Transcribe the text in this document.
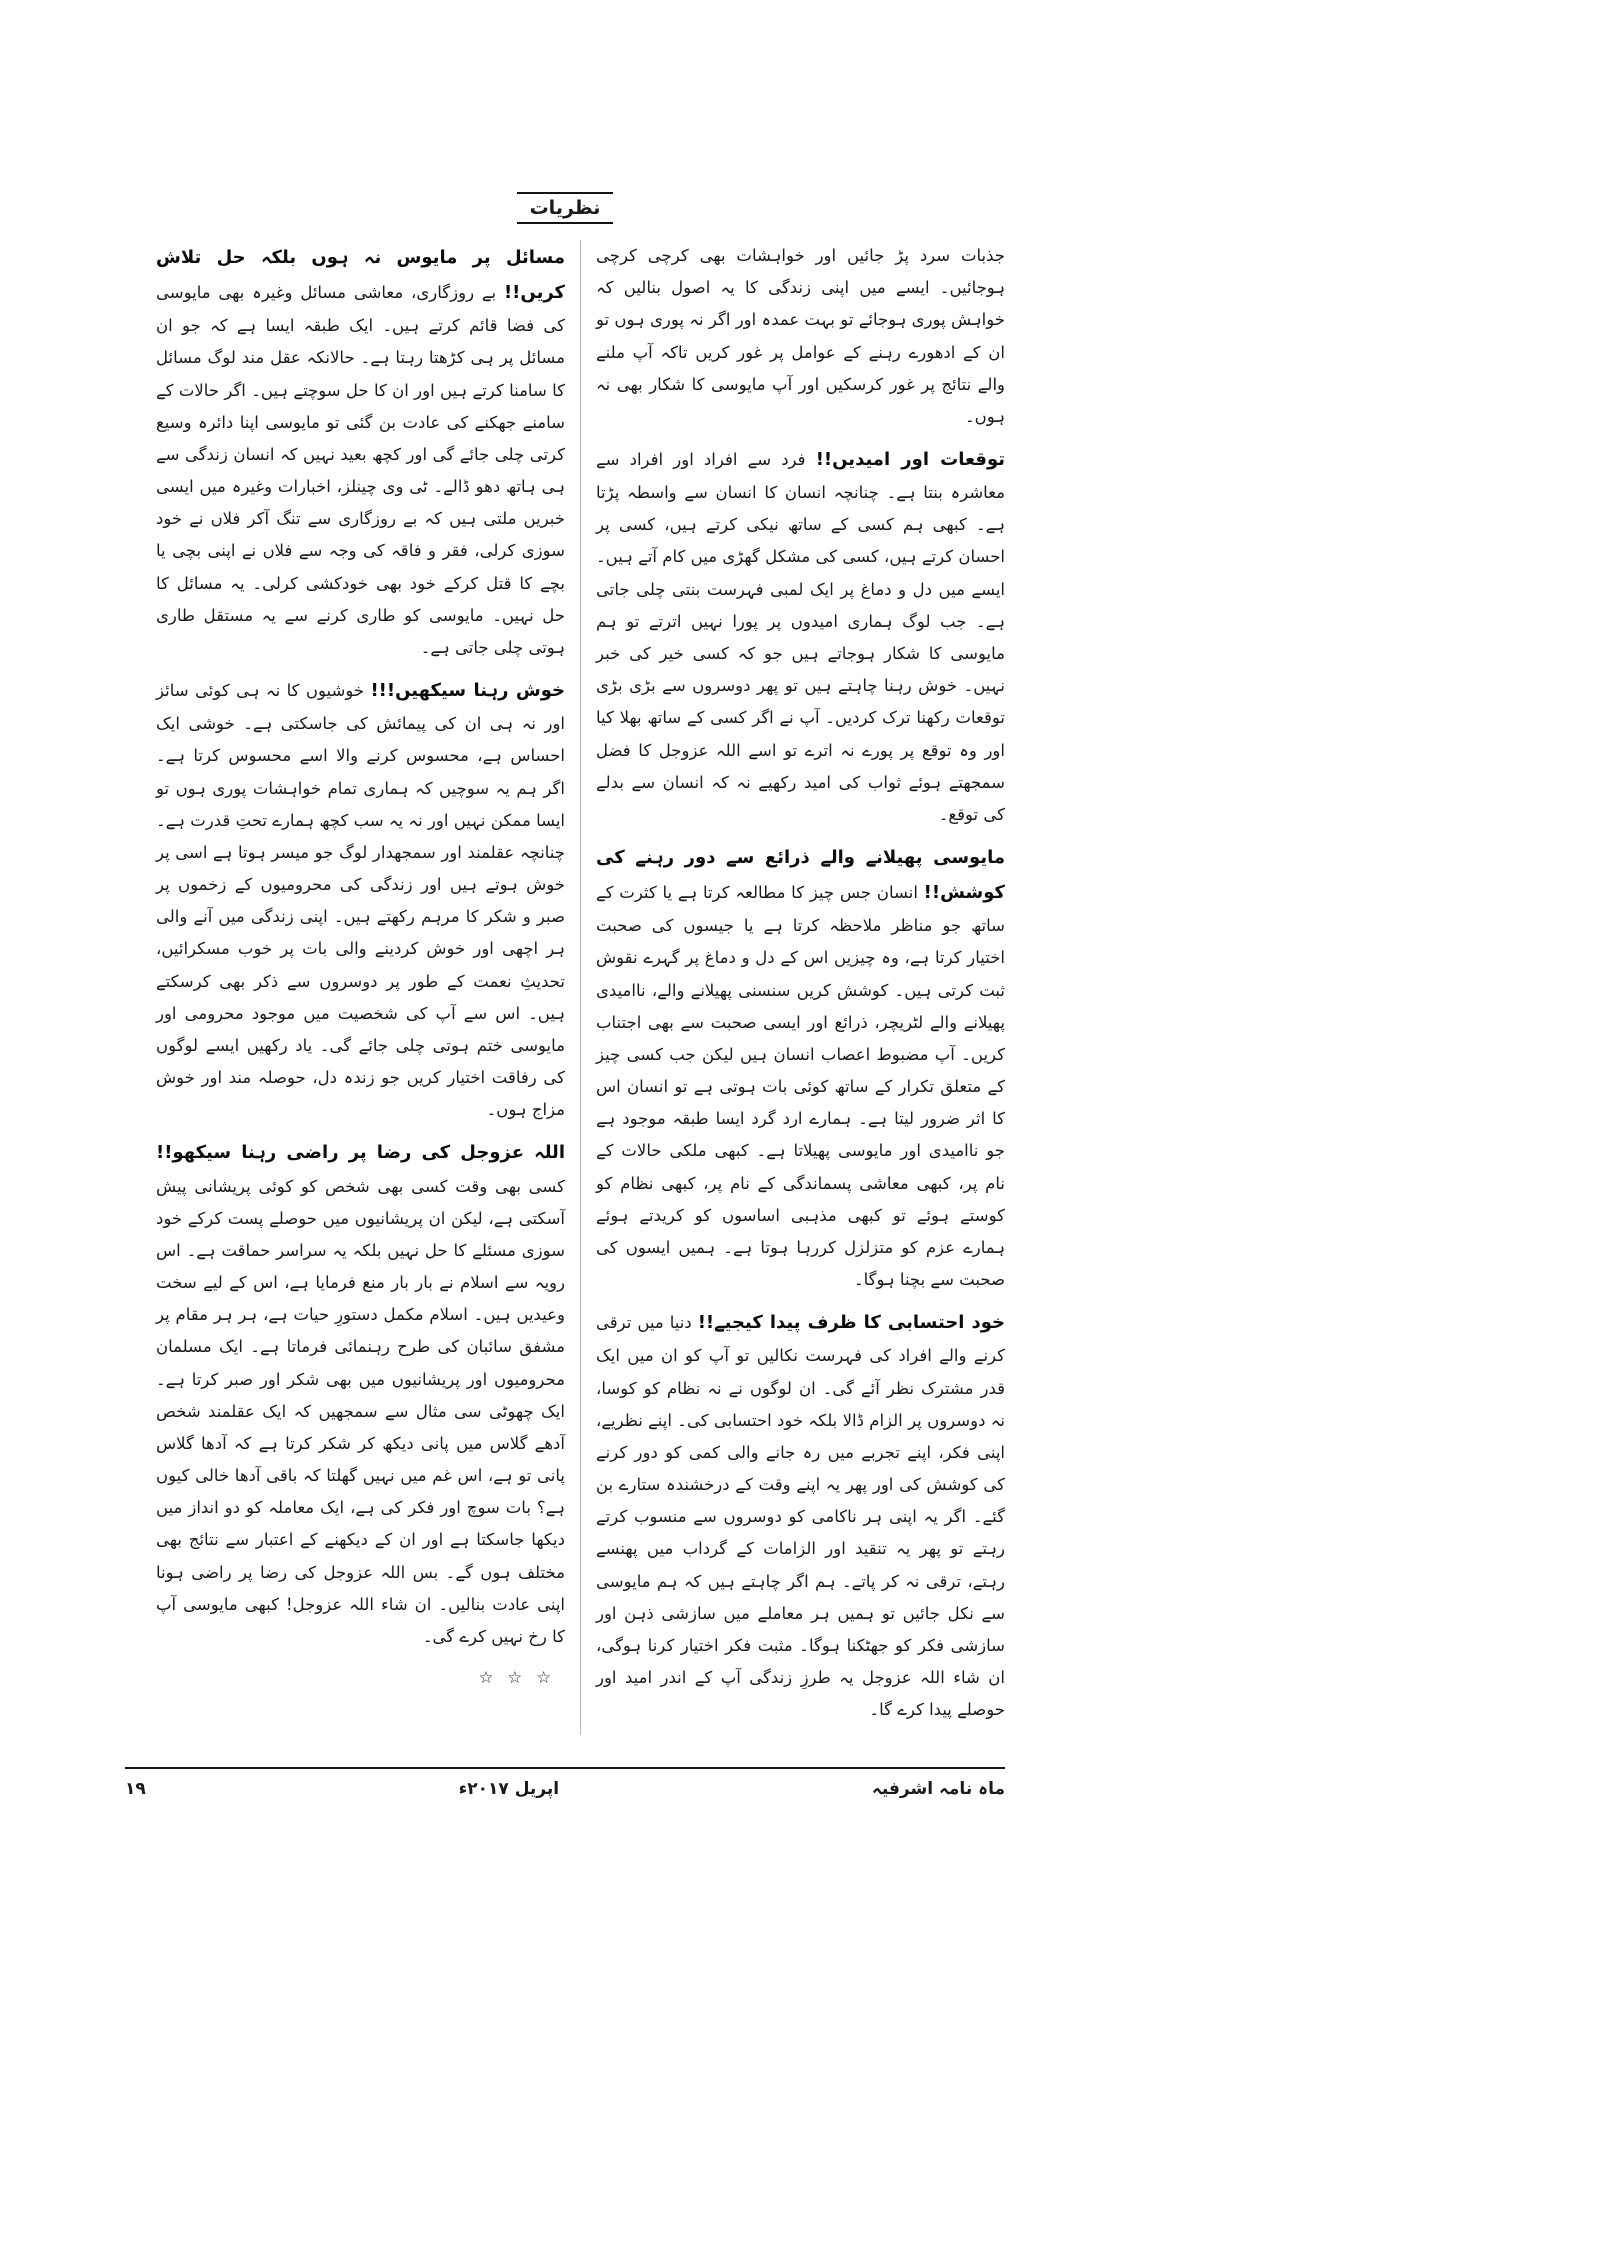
نظریات

جذبات سرد پڑ جائیں اور خواہشات بھی کرچی کرچی ہوجائیں۔ ایسے میں اپنی زندگی کا یہ اصول بنالیں کہ خواہش پوری ہوجائے تو بہت عمدہ اور اگر نہ پوری ہوں تو ان کے ادھورے رہنے کے عوامل پر غور کریں تاکہ آپ ملنے والے نتائج پر غور کرسکیں اور آپ مایوسی کا شکار بھی نہ ہوں۔

توقعات اور امیدیں!! فرد سے افراد اور افراد سے معاشرہ بنتا ہے۔ چنانچہ انسان کا انسان سے واسطہ پڑتا ہے۔ کبھی ہم کسی کے ساتھ نیکی کرتے ہیں، کسی پر احسان کرتے ہیں، کسی کی مشکل گھڑی میں کام آتے ہیں۔ ایسے میں دل و دماغ پر ایک لمبی فہرست بنتی چلی جاتی ہے۔ جب لوگ ہماری امیدوں پر پورا نہیں اترتے تو ہم مایوسی کا شکار ہوجاتے ہیں جو کہ کسی خیر کی خبر نہیں۔ خوش رہنا چاہتے ہیں تو پھر دوسروں سے بڑی بڑی توقعات رکھنا ترک کردیں۔ آپ نے اگر کسی کے ساتھ بھلا کیا اور وہ توقع پر پورے نہ اترے تو اسے اللہ عزوجل کا فضل سمجھتے ہوئے ثواب کی امید رکھیے نہ کہ انسان سے بدلے کی توقع۔

مایوسی پھیلانے والے ذرائع سے دور رہنے کی کوشش!! انسان جس چیز کا مطالعہ کرتا ہے یا کثرت کے ساتھ جو مناظر ملاحظہ کرتا ہے یا جیسوں کی صحبت اختیار کرتا ہے، وہ چیزیں اس کے دل و دماغ پر گہرے نقوش ثبت کرتی ہیں۔ کوشش کریں سنسنی پھیلانے والے، ناامیدی پھیلانے والے لٹریچر، ذرائع اور ایسی صحبت سے بھی اجتناب کریں۔ آپ مضبوط اعصاب انسان ہیں لیکن جب کسی چیز کے متعلق تکرار کے ساتھ کوئی بات ہوتی ہے تو انسان اس کا اثر ضرور لیتا ہے۔ ہمارے ارد گرد ایسا طبقہ موجود ہے جو ناامیدی اور مایوسی پھیلاتا ہے۔ کبھی ملکی حالات کے نام پر، کبھی معاشی پسماندگی کے نام پر، کبھی نظام کو کوستے ہوئے تو کبھی مذہبی اساسوں کو کریدتے ہوئے ہمارے عزم کو متزلزل کررہا ہوتا ہے۔ ہمیں ایسوں کی صحبت سے بچنا ہوگا۔

خود احتسابی کا ظرف پیدا کیجیے!! دنیا میں ترقی کرنے والے افراد کی فہرست نکالیں تو آپ کو ان میں ایک قدر مشترک نظر آئے گی۔ ان لوگوں نے نہ نظام کو کوسا، نہ دوسروں پر الزام ڈالا بلکہ خود احتسابی کی۔ اپنے نظریے، اپنی فکر، اپنے تجربے میں رہ جانے والی کمی کو دور کرنے کی کوشش کی اور پھر یہ اپنے وقت کے درخشندہ ستارے بن گئے۔ اگر یہ اپنی ہر ناکامی کو دوسروں سے منسوب کرتے رہتے تو پھر یہ تنقید اور الزامات کے گرداب میں پھنسے رہتے، ترقی نہ کر پاتے۔ ہم اگر چاہتے ہیں کہ ہم مایوسی سے نکل جائیں تو ہمیں ہر معاملے میں سازشی ذہن اور سازشی فکر کو جھٹکنا ہوگا۔ مثبت فکر اختیار کرنا ہوگی، ان شاء اللہ عزوجل یہ طرزِ زندگی آپ کے اندر امید اور حوصلے پیدا کرے گا۔

مسائل پر مایوس نہ ہوں بلکہ حل تلاش کریں!! بے روزگاری، معاشی مسائل وغیرہ بھی مایوسی کی فضا قائم کرتے ہیں۔ ایک طبقہ ایسا ہے کہ جو ان مسائل پر ہی کڑھتا رہتا ہے۔ حالانکہ عقل مند لوگ مسائل کا سامنا کرتے ہیں اور ان کا حل سوچتے ہیں۔ اگر حالات کے سامنے جھکنے کی عادت بن گئی تو مایوسی اپنا دائرہ وسیع کرتی چلی جائے گی اور کچھ بعید نہیں کہ انسان زندگی سے ہی ہاتھ دھو ڈالے۔ ٹی وی چینلز، اخبارات وغیرہ میں ایسی خبریں ملتی ہیں کہ بے روزگاری سے تنگ آکر فلاں نے خود سوزی کرلی، فقر و فاقہ کی وجہ سے فلاں نے اپنی بچی یا بچے کا قتل کرکے خود بھی خودکشی کرلی۔ یہ مسائل کا حل نہیں۔ مایوسی کو طاری کرنے سے یہ مستقل طاری ہوتی چلی جاتی ہے۔

خوش رہنا سیکھیں!!! خوشیوں کا نہ ہی کوئی سائز اور نہ ہی ان کی پیمائش کی جاسکتی ہے۔ خوشی ایک احساس ہے، محسوس کرنے والا اسے محسوس کرتا ہے۔ اگر ہم یہ سوچیں کہ ہماری تمام خواہشات پوری ہوں تو ایسا ممکن نہیں اور نہ یہ سب کچھ ہمارے تحتِ قدرت ہے۔ چنانچہ عقلمند اور سمجھدار لوگ جو میسر ہوتا ہے اسی پر خوش ہوتے ہیں اور زندگی کی محرومیوں کے زخموں پر صبر و شکر کا مرہم رکھتے ہیں۔ اپنی زندگی میں آنے والی ہر اچھی اور خوش کردینے والی بات پر خوب مسکرائیں، تحدیثِ نعمت کے طور پر دوسروں سے ذکر بھی کرسکتے ہیں۔ اس سے آپ کی شخصیت میں موجود محرومی اور مایوسی ختم ہوتی چلی جائے گی۔ یاد رکھیں ایسے لوگوں کی رفاقت اختیار کریں جو زندہ دل، حوصلہ مند اور خوش مزاج ہوں۔

اللہ عزوجل کی رضا پر راضی رہنا سیکھو!! کسی بھی وقت کسی بھی شخص کو کوئی پریشانی پیش آسکتی ہے، لیکن ان پریشانیوں میں حوصلے پست کرکے خود سوزی مسئلے کا حل نہیں بلکہ یہ سراسر حماقت ہے۔ اس رویہ سے اسلام نے بار بار منع فرمایا ہے، اس کے لیے سخت وعیدیں ہیں۔ اسلام مکمل دستورِ حیات ہے، ہر ہر مقام پر مشفق سائبان کی طرح رہنمائی فرماتا ہے۔ ایک مسلمان محرومیوں اور پریشانیوں میں بھی شکر اور صبر کرتا ہے۔ ایک چھوٹی سی مثال سے سمجھیں کہ ایک عقلمند شخص آدھے گلاس میں پانی دیکھ کر شکر کرتا ہے کہ آدھا گلاس پانی تو ہے، اس غم میں نہیں گھلتا کہ باقی آدھا خالی کیوں ہے؟ بات سوچ اور فکر کی ہے، ایک معاملہ کو دو انداز میں دیکھا جاسکتا ہے اور ان کے دیکھنے کے اعتبار سے نتائج بھی مختلف ہوں گے۔ بس اللہ عزوجل کی رضا پر راضی ہونا اپنی عادت بنالیں۔ ان شاء اللہ عزوجل! کبھی مایوسی آپ کا رخ نہیں کرے گی۔

☆☆☆

ماہ نامہ اشرفیہ
اپریل ۲۰۱۷ء
۱۹
